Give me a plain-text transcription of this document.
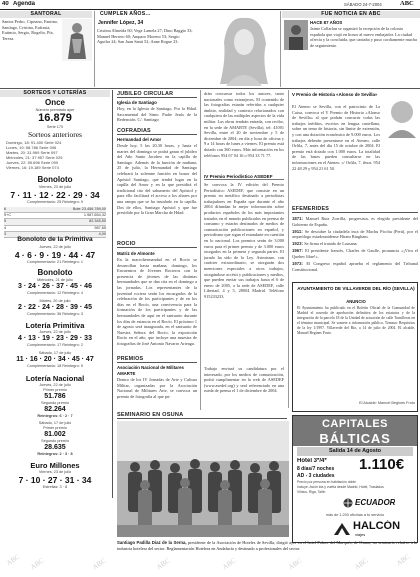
40 Agenda	SÁBADO 24-7-2004	ABC
SANTORAL
Santos Pedro, Cipriano, Fantino, Santiago, Cristina, Eufrasia, Eutimio, Sergio, Rogelio, Pía, Teresa.
CUMPLEN AÑOS...
Jennifer López, 34
Cristina Almeida 60; Vega Lamela 27; Dino Baggio 33; Manuel Herrero 60; Amparo Moreno 53; Sergio Aguilar 24; San Juan Santi 52; Anne Rogue 23.
FUE NOTICIA EN ABC
HACE 87 AÑOS
Jaime Collarlan se organizó la recepción de la colonia española que viajó en honor al nuevo embajador. La ciudad ofrecía y la concluida, que cantaba y puso cordiamente mucha de seguimiento.
SORTEOS Y LOTERÍAS
Once
Número premiado ayer
16.879
Serie 170
Sorteos anteriores
Domingo, 18: 91.400 Serie 024
Lunes, 19: 58.786 Serie 006
Martes, 20: 31.969 Serie 097
Miércoles, 21: 37.957 Serie 025
Jueves, 22: 55.696 Serie 090
Viernes, 16: 19.189 Serie 074
Bonoloto
Viernes, 23 de julio
7 · 11 · 12 · 22 · 29 · 34
Complementario: 25 Reintegro: 9
6	Bote 23.456.789,00
5+C	1.987.654,32
5	82.345,50
4	987,65
3	4,00
Bonoloto de la Primitiva
Jueves, 22 de julio
4 · 6 · 9 · 19 · 44 · 47
Complementario: 21 Reintegro: 1
Bonoloto
Miércoles, 21 de julio
3 · 24 · 26 · 37 · 45 · 46
Complementario: 12 Reintegro: 4
Martes, 20 de julio
2 · 22 · 24 · 28 · 39 · 45
Complementario: 36 Reintegro: 3
Lotería Primitiva
Jueves, 22 de julio
4 · 13 · 19 · 23 · 29 · 33
Complementario: 17 Reintegro: 2
Sábado, 17 de julio
11 · 16 · 20 · 34 · 45 · 47
Complementario: 18 Reintegro: 5
Lotería Nacional
Jueves, 22 de julio
Primer premio
51.786
Segundo premio
82.264
Reintegros: 6 · 2 · 7
Sábado, 17 de julio
Primer premio
81.002
Segundo premio
28.635
Reintegros: 2 · 3 · 8
Euro Millones
Viernes, 23 de julio
7 · 10 · 27 · 31 · 34
Estrellas: 3 · 8
JUBILEO CIRCULAR
Iglesia de Santiago
Hoy, en la Iglesia de Santiago, Por la Hdad. Sacramental del Stmo. Padre Jesús de la Redención. C/. Santiago
COFRADÍAS
Hermandad del Amor
Desde hoy, 5 las 20,30 horas, y hasta el martes del domingo se podrá ganar el jubileo del Año Santo Jacobeo en la capilla de Santiago. Además de la función de mañana, 25 de julio, la Hermandad de Santiago celebrará la solemne función en honor del Apóstol Santiago, que tendrá lugar en la capilla del Amor y en la que presidirá el tradicional rito del sahumerio del Apóstol y para ello facilitará el acceso a los altares por una rampa que se ha instalado en la capilla. Dos de ellos, Santiago Apóstol y que fue presidido por la Gran Marcha de Hdad.
ROCÍO
Matriz de Almonte
En la macrohermandad en el Rocío se desarrollan hasta mañana, domingo, los Encuentros de Jóvenes Rocieros con la presencia de jóvenes de las distintas hermandades que se dan cita en el domingo a las jornadas. Los representantes de la juventud rociera serán los encargados de la celebración de los participantes y de en los días en el Rocío, una convivencia para la formación de los participantes y de las hermandades de aquí en el santuario durante los días de estancia en el Rocío. El próximo 1 de agosto será inaugurada, en el santuario de Nuestra Señora del Rocío, la exposición Rocío en el año, que incluye una muestra de fotografías de José Antonio Navarro Arteaga.
PREMIOS
Asociación Nacional de Militares AMARTE
Dentro de los IV Jornadas de Arte y Cultura Militar, organizadas por la Asociación Nacional de Militares Arte, se convoca un premio de fotografía al que pu-
drán concursar todos los autores, tanto nacionales como extranjeros. El contenido de las fotografías estarán referidas a cualquier ámbito, realidad y contexto relacionados con cualquiera de las múltiples aspectos de la vida militar. Las obras tendrán entrada, con recibo, en la sede de AMARTE (Sevilla), tel: 41001 Sevilla, entre el 20 de noviembre y 5 de diciembre de 2004; en día y hora de oficina y 9 a 14 horas de lunes a viernes. El premio está dotado con 360 euros. Más información en los teléfonos 954 67 04 16 o 954 33 71 77.
IV Premio Periodístico ASEDEF
Se convoca la IV edición del Premio Periodístico ASEDEF, que consiste en un premio en metálico destinado a periodistas trabajadores en España que durante el año 2004 difundan la mejor información sobre productos españoles de los más importantes tratados en el mundo publicados en prensa de consumo y estarán destinados de medios de comunicación publicaciones en español, y periodismo que sigan el estandarte en cuestión en lo nacional. Los premios serán de 3.000 euros para el primer premio y de 3.000 euros otorgados en la primera y segunda partes. El jurado ha sido de la Ley. Asimismo, con carácter extraordinario, se otorgarán dos menciones especiales a otros trabajos, otorgándose accésit y publicaciones y medios, que pueden enviar sus trabajos hasta el 6 de enero de 2005, a la sede de ASEDEF, calle Libertad, 4 y 5, 28004 Madrid. Teléfono 915233233.
Trabajo enviará su candidatura por el interesado, por los medios de comunicación, podrá cumplimentar en la web de ASEDEF (www.asedef.org) y será referenciado en una rueda de prensa el 1 de diciembre de 2004.
V Premio de Historia «Alonso de Sevilla»
El Ateneo se Sevilla, con el patrocinio de La Caixa, convoca el V Premio de Historia «Alonso de Sevilla» al que podrán concurrir todas las trabajos inéditos, escritos en lengua castellana, sobre un tema de historia, sin límite de extensión, y con una dotación económica de 9.000 euros. Los trabajos deberán presentarse en el Ateneo, calle Orfila, 7, antes del día 15 de octubre de 2004. El premio está dotado con 1.000 euros. La totalidad de las bases pueden consultarse en las informaciones en el Ateneo. c/ Orfila, 7, tfnos. 954 22 48 29 y 954 21 61 50.
EFEMÉRIDES
1871: Manuel Ruiz Zorrilla, progresista, es elegido presidente del Gobierno de España.
1911: Se descubre la ciudadela inca de Machu Picchu (Perú), por el arqueólogo estadounidense Hiram Bingham.
1923: Se firma el tratado de Lausana.
1967: El presidente francés, Charles de Gaulle, pronuncia «¡Viva el Quebec libre!».
1973: El Congreso español aprueba el reglamento del Tribunal Constitucional.
AYUNTAMIENTO DE VILLAVERDE DEL RÍO (SEVILLA)
ANUNCIO
El Ayuntamiento ha publicado en el Boletín Oficial de la Comunidad de Madrid el acuerdo de aprobación definitiva de los estatutos y de la integración de la parcela 18 de la Unidad de actuación de calle Tomilleras en el término municipal. Se somete a información pública. Tomasa: Requisitos de la ley 1/1997. Villaverde del Río, a 14 de julio de 2004. El alcalde, Manuel Begines Fruto.
El Alcalde: Manuel Begines Fruto
SEMINARIO EN OSUNA
CAPITALES
BÁLTICAS
Salida 14 de Agosto
Hotel 3*/4*
8 días/7 noches
AD - 3 ciudades
1.110€
Precio por persona en habitación doble
Incluye: Avión ida y vuelta desde Madrid, Hotel, Traslados
Vilnius, Riga, Tallin
ECUADOR
más de 1.200 oficinas a tu servicio
HALCÓN
viajes
Santiago Padilla Díaz de la Serna, presidente de la Asociación de Hoteles de Sevilla, dirigió ayer en el hotel Palace del Marqués, de Osuna, un seminario relativo a la industria hotelera del sector. Reglamentación Hotelera en Andalucía y destinado a profesionales del sector.
ABC ABC	ABC	ABC	ABC	ABC	ABC	ABC
